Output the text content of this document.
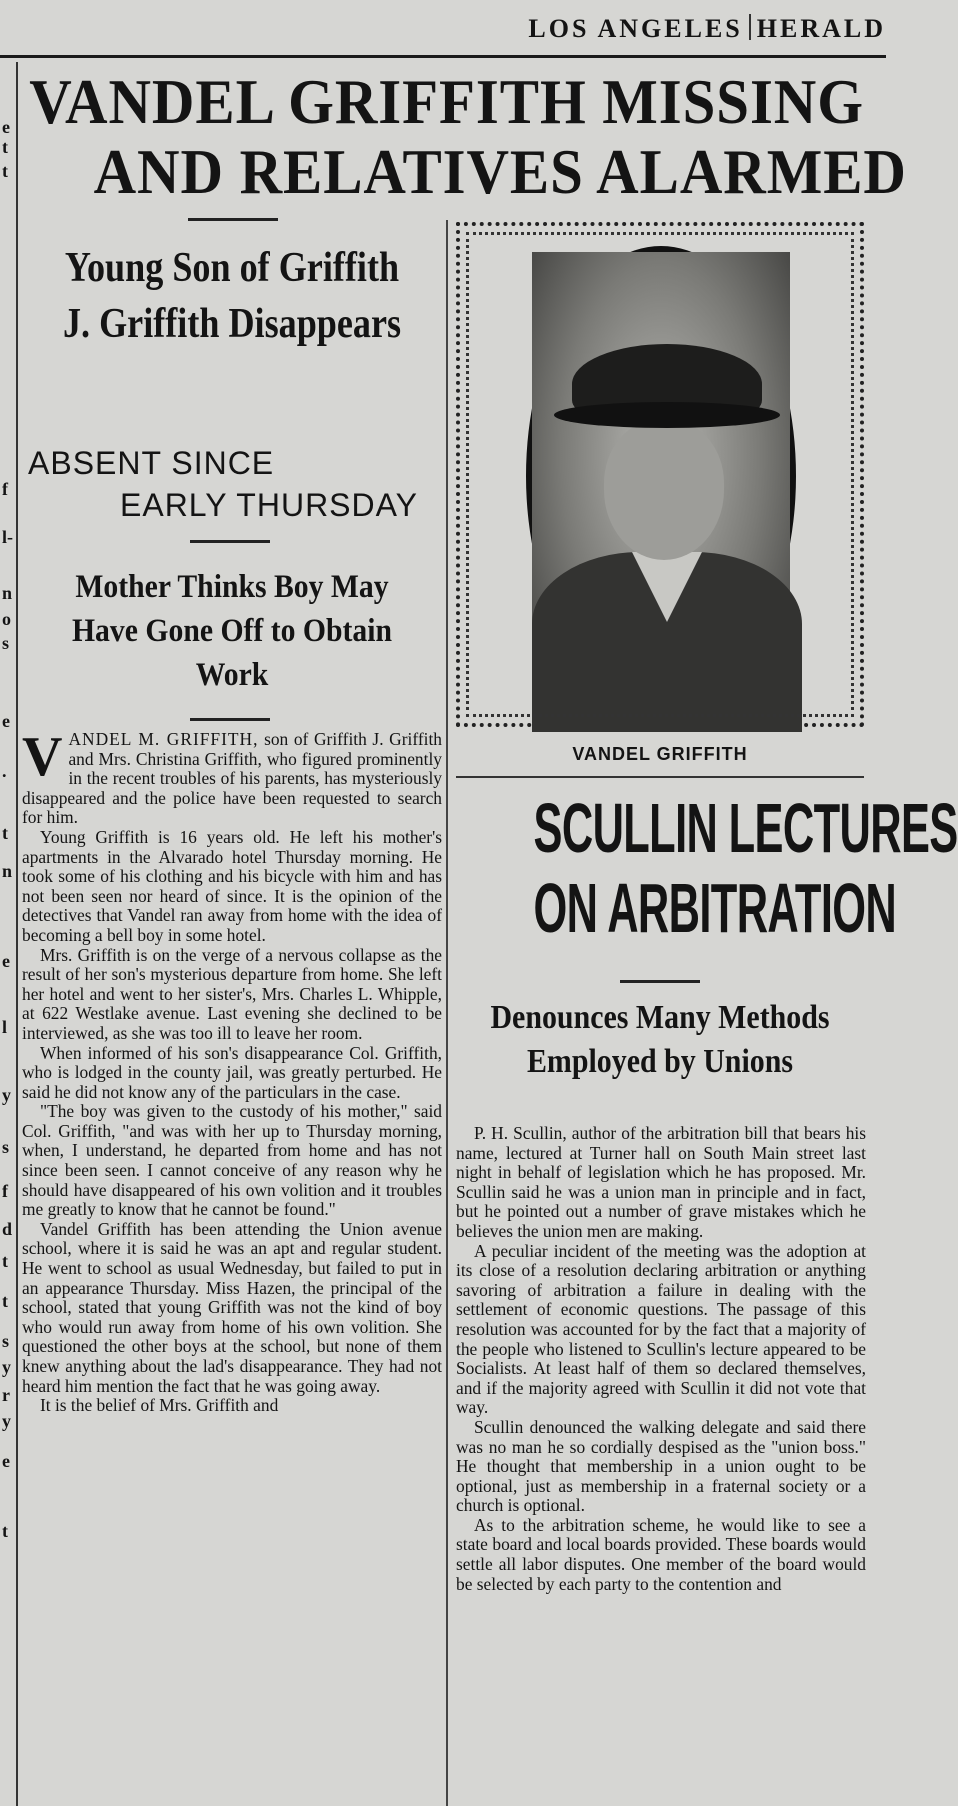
LOS ANGELES HERALD
e
t
t
f
l-
n
o
s
e
.
t
n
e
l
y
s
f
d
t
t
s
y
r
y
e
t
VANDEL GRIFFITH MISSING
AND RELATIVES ALARMED
Young Son of Griffith J. Griffith Disappears
ABSENT SINCE
EARLY THURSDAY
Mother Thinks Boy May Have Gone Off to Obtain Work

VANDEL M. GRIFFITH, son of Griffith J. Griffith and Mrs. Christina Griffith, who figured prominently in the recent troubles of his parents, has mysteriously disappeared and the police have been requested to search for him.

Young Griffith is 16 years old. He left his mother's apartments in the Alvarado hotel Thursday morning. He took some of his clothing and his bicycle with him and has not been seen nor heard of since. It is the opinion of the detectives that Vandel ran away from home with the idea of becoming a bell boy in some hotel.

Mrs. Griffith is on the verge of a nervous collapse as the result of her son's mysterious departure from home. She left her hotel and went to her sister's, Mrs. Charles L. Whipple, at 622 Westlake avenue. Last evening she declined to be interviewed, as she was too ill to leave her room.

When informed of his son's disappearance Col. Griffith, who is lodged in the county jail, was greatly perturbed. He said he did not know any of the particulars in the case.

"The boy was given to the custody of his mother," said Col. Griffith, "and was with her up to Thursday morning, when, I understand, he departed from home and has not since been seen. I cannot conceive of any reason why he should have disappeared of his own volition and it troubles me greatly to know that he cannot be found."

Vandel Griffith has been attending the Union avenue school, where it is said he was an apt and regular student. He went to school as usual Wednesday, but failed to put in an appearance Thursday. Miss Hazen, the principal of the school, stated that young Griffith was not the kind of boy who would run away from home of his own volition. She questioned the other boys at the school, but none of them knew anything about the lad's disappearance. They had not heard him mention the fact that he was going away.

It is the belief of Mrs. Griffith and

VANDEL GRIFFITH
SCULLIN LECTURES
ON ARBITRATION
Denounces Many Methods Employed by Unions

P. H. Scullin, author of the arbitration bill that bears his name, lectured at Turner hall on South Main street last night in behalf of legislation which he has proposed. Mr. Scullin said he was a union man in principle and in fact, but he pointed out a number of grave mistakes which he believes the union men are making.

A peculiar incident of the meeting was the adoption at its close of a resolution declaring arbitration or anything savoring of arbitration a failure in dealing with the settlement of economic questions. The passage of this resolution was accounted for by the fact that a majority of the people who listened to Scullin's lecture appeared to be Socialists. At least half of them so declared themselves, and if the majority agreed with Scullin it did not vote that way.

Scullin denounced the walking delegate and said there was no man he so cordially despised as the "union boss." He thought that membership in a union ought to be optional, just as membership in a fraternal society or a church is optional.

As to the arbitration scheme, he would like to see a state board and local boards provided. These boards would settle all labor disputes. One member of the board would be selected by each party to the contention and
